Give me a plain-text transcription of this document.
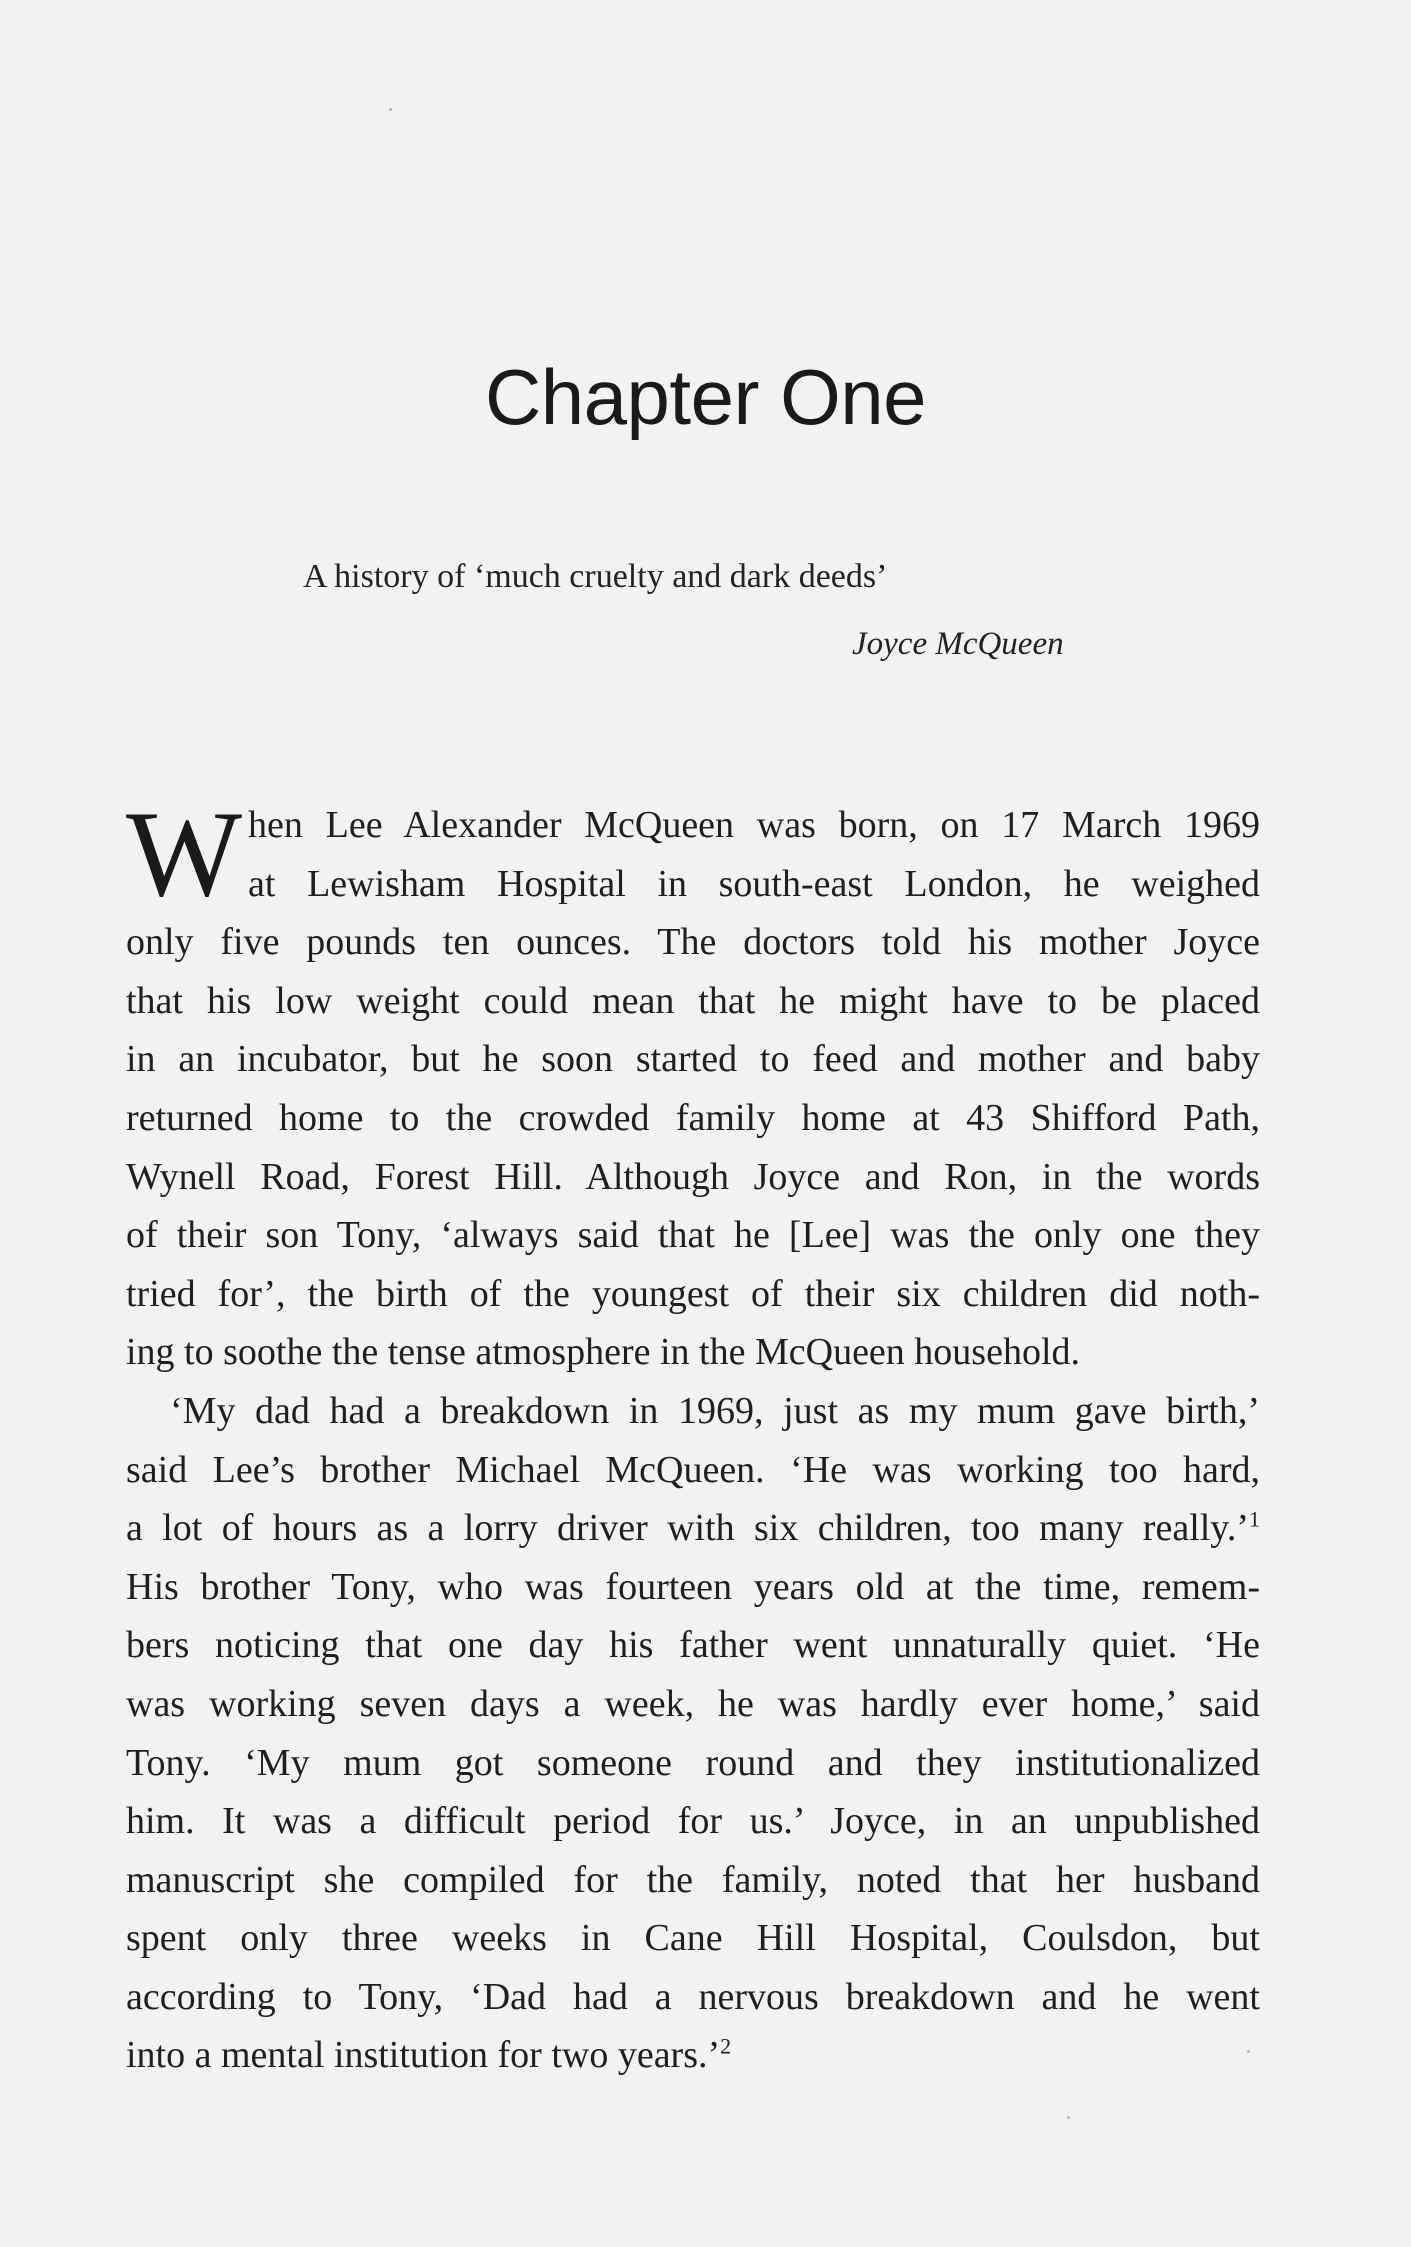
Chapter One
A history of ‘much cruelty and dark deeds’
Joyce McQueen
W hen Lee Alexander McQueen was born, on 17 March 1969
at Lewisham Hospital in south-east London, he weighed
only five pounds ten ounces. The doctors told his mother Joyce
that his low weight could mean that he might have to be placed
in an incubator, but he soon started to feed and mother and baby
returned home to the crowded family home at 43 Shifford Path,
Wynell Road, Forest Hill. Although Joyce and Ron, in the words
of their son Tony, ‘always said that he [Lee] was the only one they
tried for’, the birth of the youngest of their six children did noth-
ing to soothe the tense atmosphere in the McQueen household.
‘My dad had a breakdown in 1969, just as my mum gave birth,’
said Lee’s brother Michael McQueen. ‘He was working too hard,
a lot of hours as a lorry driver with six children, too many really.’$^1$
His brother Tony, who was fourteen years old at the time, remem-
bers noticing that one day his father went unnaturally quiet. ‘He
was working seven days a week, he was hardly ever home,’ said
Tony. ‘My mum got someone round and they institutionalized
him. It was a difficult period for us.’ Joyce, in an unpublished
manuscript she compiled for the family, noted that her husband
spent only three weeks in Cane Hill Hospital, Coulsdon, but
according to Tony, ‘Dad had a nervous breakdown and he went
into a mental institution for two years.’$^2$
